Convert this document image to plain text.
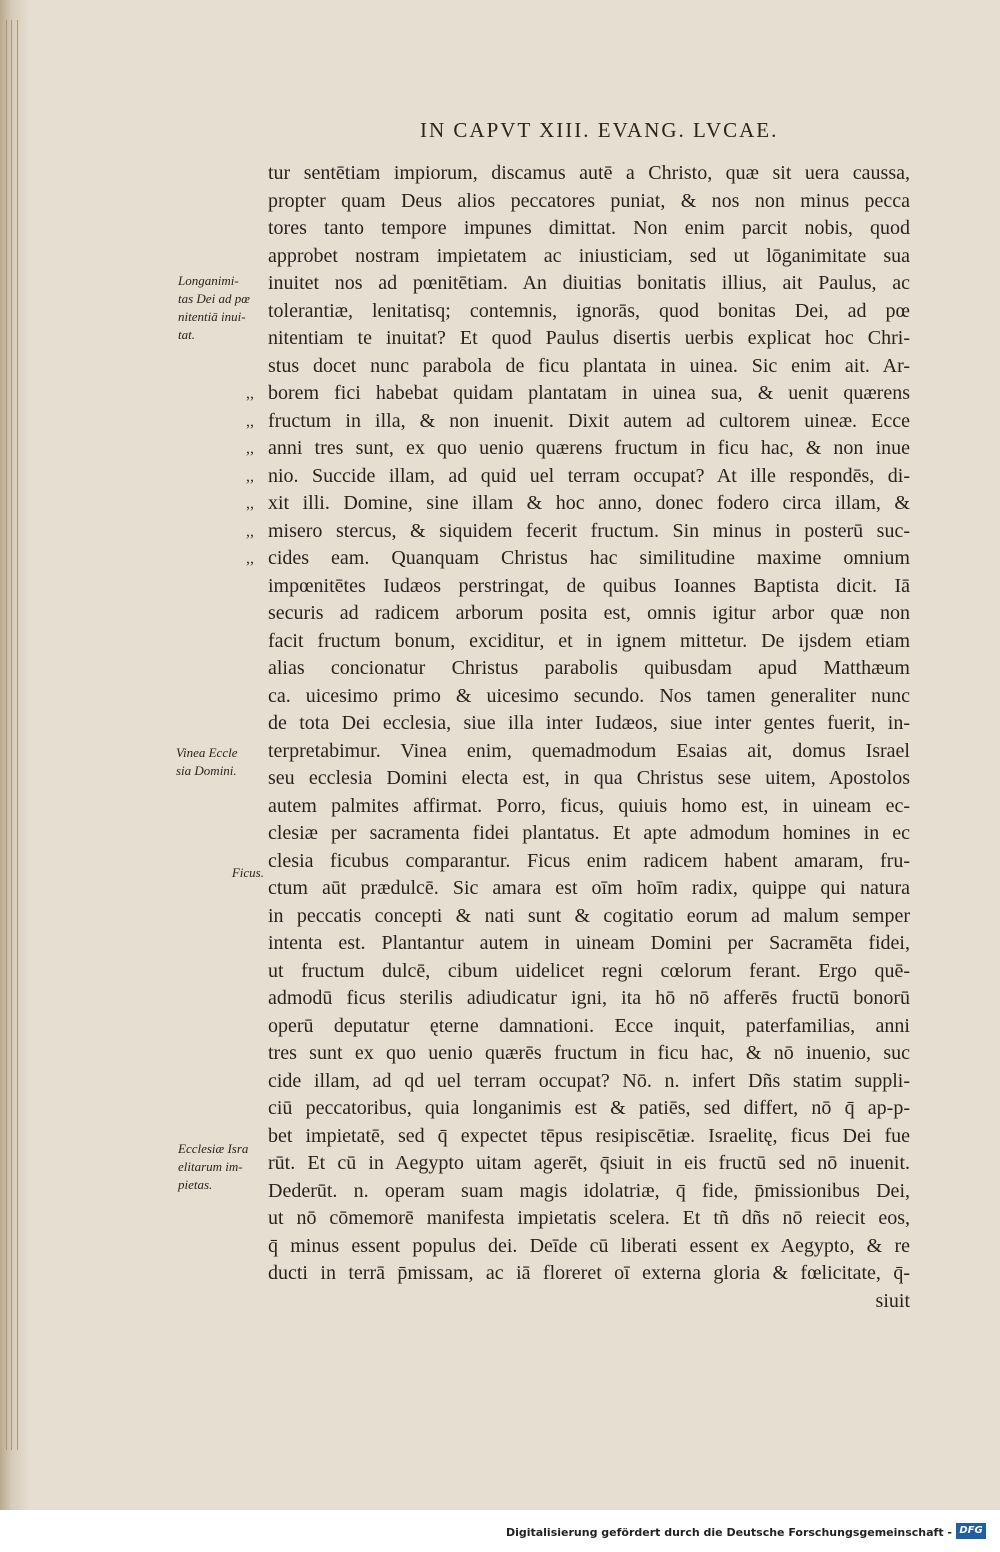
IN CAPVT XIII. EVANG. LVCAE.
Longanimi-
tas Dei ad pœ
nitentiā inui-
tat.
Vinea Eccle
sia Domini.
Ficus.
Ecclesiæ Isra
elitarum im-
pietas.
tur sentētiam impiorum, discamus autē a Christo, quæ sit uera caussa,
propter quam Deus alios peccatores puniat, & nos non minus pecca
tores tanto tempore impunes dimittat. Non enim parcit nobis, quod
approbet nostram impietatem ac iniusticiam, sed ut lōganimitate sua
inuitet nos ad pœnitētiam. An diuitias bonitatis illius, ait Paulus, ac
tolerantiæ, lenitatisq; contemnis, ignorās, quod bonitas Dei, ad pœ
nitentiam te inuitat? Et quod Paulus disertis uerbis explicat hoc Chri-
stus docet nunc parabola de ficu plantata in uinea. Sic enim ait. Ar-
,, borem fici habebat quidam plantatam in uinea sua, & uenit quærens
,, fructum in illa, & non inuenit. Dixit autem ad cultorem uineæ. Ecce
,, anni tres sunt, ex quo uenio quærens fructum in ficu hac, & non inue
,, nio. Succide illam, ad quid uel terram occupat? At ille respondēs, di-
,, xit illi. Domine, sine illam & hoc anno, donec fodero circa illam, &
,, misero stercus, & siquidem fecerit fructum. Sin minus in posterū suc-
,, cides eam. Quanquam Christus hac similitudine maxime omnium
impœnitētes Iudæos perstringat, de quibus Ioannes Baptista dicit. Iā
securis ad radicem arborum posita est, omnis igitur arbor quæ non
facit fructum bonum, exciditur, et in ignem mittetur. De ijsdem etiam
alias concionatur Christus parabolis quibusdam apud Matthæum
ca. uicesimo primo & uicesimo secundo. Nos tamen generaliter nunc
de tota Dei ecclesia, siue illa inter Iudæos, siue inter gentes fuerit, in-
terpretabimur. Vinea enim, quemadmodum Esaias ait, domus Israel
seu ecclesia Domini electa est, in qua Christus sese uitem, Apostolos
autem palmites affirmat. Porro, ficus, quiuis homo est, in uineam ec-
clesiæ per sacramenta fidei plantatus. Et apte admodum homines in ec
clesia ficubus comparantur. Ficus enim radicem habent amaram, fru-
ctum aūt prædulcē. Sic amara est oīm hoīm radix, quippe qui natura
in peccatis concepti & nati sunt & cogitatio eorum ad malum semper
intenta est. Plantantur autem in uineam Domini per Sacramēta fidei,
ut fructum dulcē, cibum uidelicet regni cœlorum ferant. Ergo quē-
admodū ficus sterilis adiudicatur igni, ita hō nō afferēs fructū bonorū
operū deputatur ęterne damnationi. Ecce inquit, paterfamilias, anni
tres sunt ex quo uenio quærēs fructum in ficu hac, & nō inuenio, suc
cide illam, ad qd uel terram occupat? Nō. n. infert Dñs statim suppli-
ciū peccatoribus, quia longanimis est & patiēs, sed differt, nō q̄ ap-p-
bet impietatē, sed q̄ expectet tēpus resipiscētiæ. Israelitę, ficus Dei fue
rūt. Et cū in Aegypto uitam agerēt, q̄siuit in eis fructū sed nō inuenit.
Dederūt. n. operam suam magis idolatriæ, q̄ fide, p̄missionibus Dei,
ut nō cōmemorē manifesta impietatis scelera. Et tñ dñs nō reiecit eos,
q̄ minus essent populus dei. Deīde cū liberati essent ex Aegypto, & re
ducti in terrā p̄missam, ac iā floreret oī externa gloria & fœlicitate, q̄-
siuit
Digitalisierung gefördert durch die Deutsche Forschungsgemeinschaft - DFG
